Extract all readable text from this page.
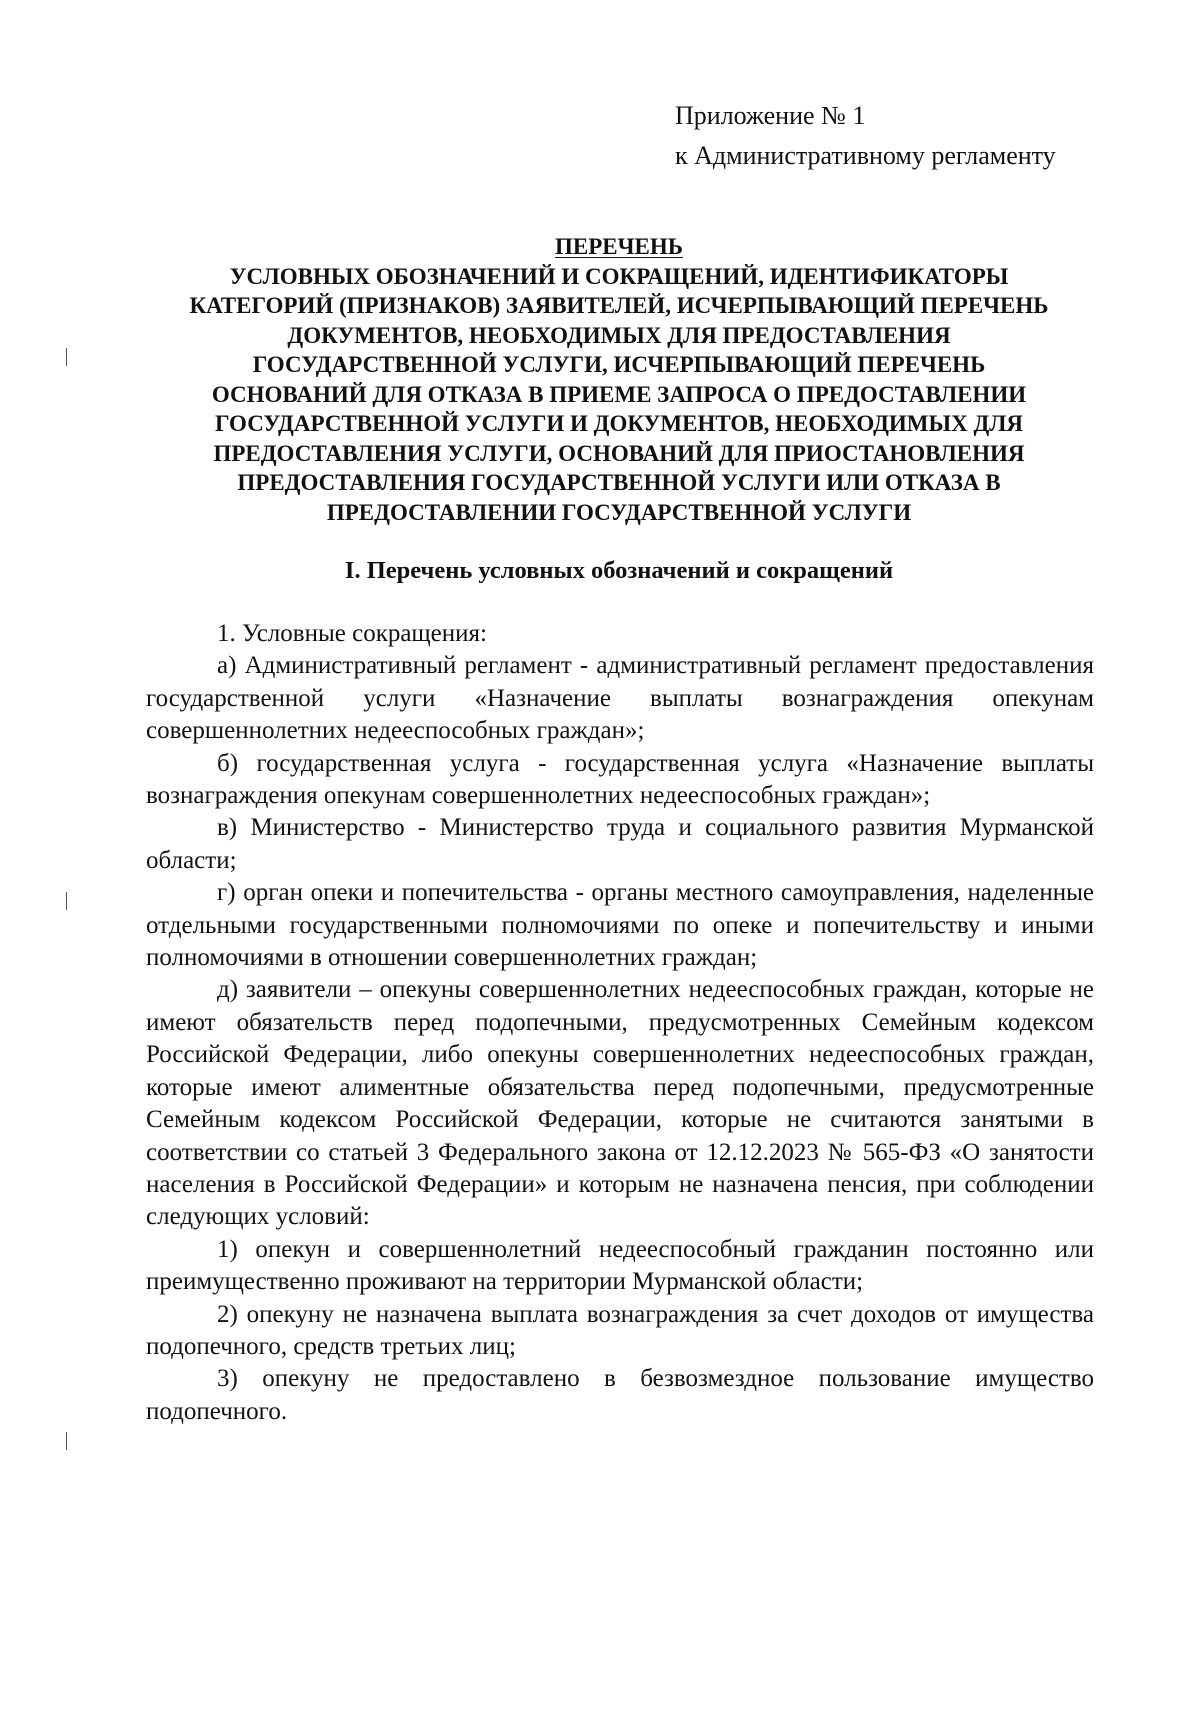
Приложение № 1
к Административному регламенту
ПЕРЕЧЕНЬ
УСЛОВНЫХ ОБОЗНАЧЕНИЙ И СОКРАЩЕНИЙ, ИДЕНТИФИКАТОРЫ
КАТЕГОРИЙ (ПРИЗНАКОВ) ЗАЯВИТЕЛЕЙ, ИСЧЕРПЫВАЮЩИЙ ПЕРЕЧЕНЬ
ДОКУМЕНТОВ, НЕОБХОДИМЫХ ДЛЯ ПРЕДОСТАВЛЕНИЯ
ГОСУДАРСТВЕННОЙ УСЛУГИ, ИСЧЕРПЫВАЮЩИЙ ПЕРЕЧЕНЬ
ОСНОВАНИЙ ДЛЯ ОТКАЗА В ПРИЕМЕ ЗАПРОСА О ПРЕДОСТАВЛЕНИИ
ГОСУДАРСТВЕННОЙ УСЛУГИ И ДОКУМЕНТОВ, НЕОБХОДИМЫХ ДЛЯ
ПРЕДОСТАВЛЕНИЯ УСЛУГИ, ОСНОВАНИЙ ДЛЯ ПРИОСТАНОВЛЕНИЯ
ПРЕДОСТАВЛЕНИЯ ГОСУДАРСТВЕННОЙ УСЛУГИ ИЛИ ОТКАЗА В
ПРЕДОСТАВЛЕНИИ ГОСУДАРСТВЕННОЙ УСЛУГИ
I. Перечень условных обозначений и сокращений

1. Условные сокращения:

а) Административный регламент - административный регламент предоставления государственной услуги «Назначение выплаты вознаграждения опекунам совершеннолетних недееспособных граждан»;

б) государственная услуга - государственная услуга «Назначение выплаты вознаграждения опекунам совершеннолетних недееспособных граждан»;

в) Министерство - Министерство труда и социального развития Мурманской области;

г) орган опеки и попечительства - органы местного самоуправления, наделенные отдельными государственными полномочиями по опеке и попечительству и иными полномочиями в отношении совершеннолетних граждан;

д) заявители – опекуны совершеннолетних недееспособных граждан, которые не имеют обязательств перед подопечными, предусмотренных Семейным кодексом Российской Федерации, либо опекуны совершеннолетних недееспособных граждан, которые имеют алиментные обязательства перед подопечными, предусмотренные Семейным кодексом Российской Федерации, которые не считаются занятыми в соответствии со статьей 3 Федерального закона от 12.12.2023 № 565-ФЗ «О занятости населения в Российской Федерации» и которым не назначена пенсия, при соблюдении следующих условий:

1) опекун и совершеннолетний недееспособный гражданин постоянно или преимущественно проживают на территории Мурманской области;

2) опекуну не назначена выплата вознаграждения за счет доходов от имущества подопечного, средств третьих лиц;

3) опекуну не предоставлено в безвозмездное пользование имущество подопечного.
